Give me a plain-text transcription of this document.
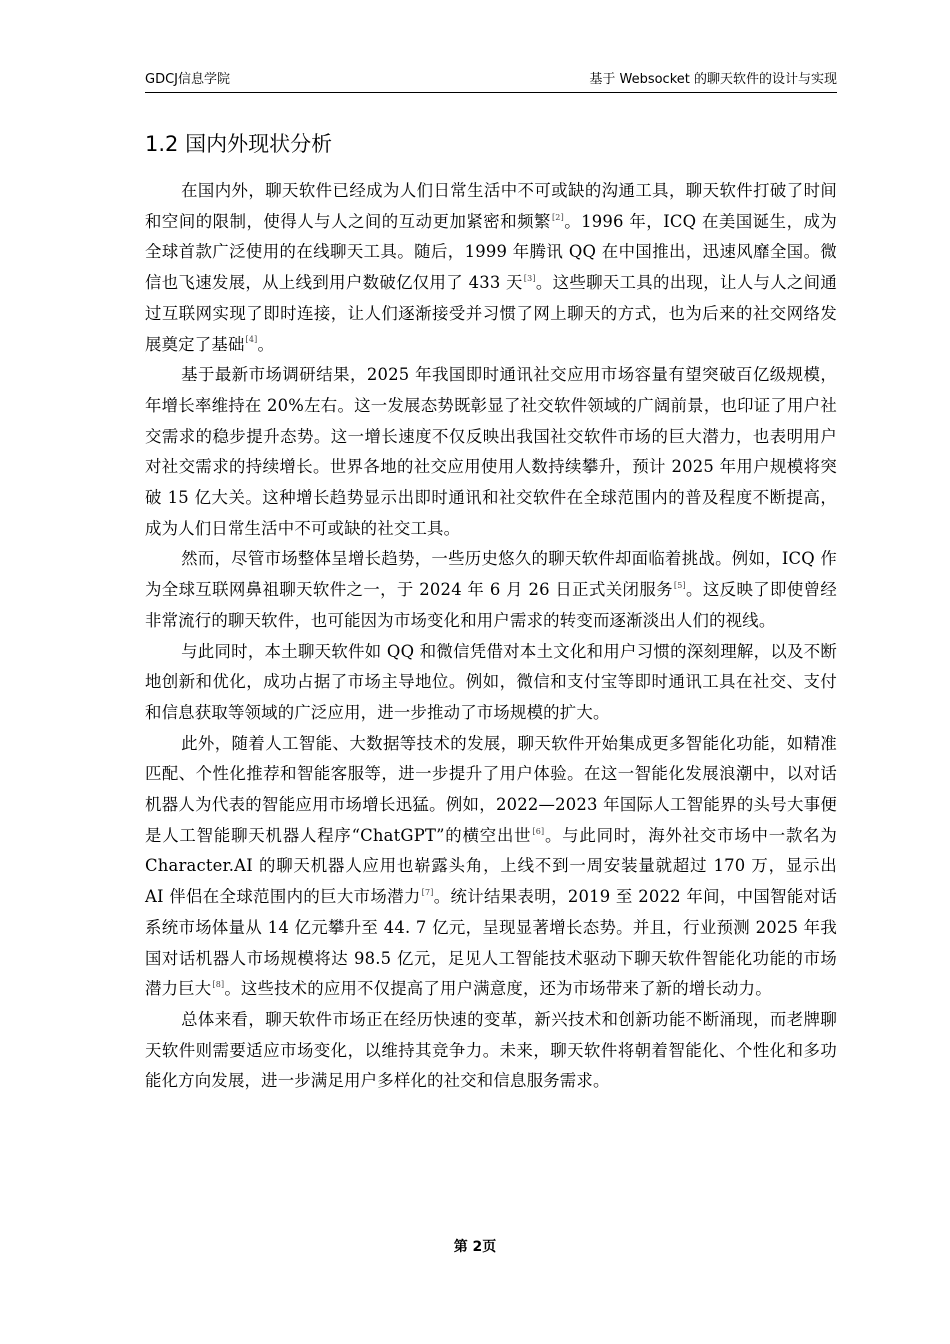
GDCJ信息学院	基于 Websocket 的聊天软件的设计与实现
1.2 国内外现状分析

在国内外，聊天软件已经成为人们日常生活中不可或缺的沟通工具，聊天软件打破了时间和空间的限制，使得人与人之间的互动更加紧密和频繁[2]。1996 年，ICQ 在美国诞生，成为全球首款广泛使用的在线聊天工具。随后，1999 年腾讯 QQ 在中国推出，迅速风靡全国。微信也飞速发展，从上线到用户数破亿仅用了 433 天[3]。这些聊天工具的出现，让人与人之间通过互联网实现了即时连接，让人们逐渐接受并习惯了网上聊天的方式，也为后来的社交网络发展奠定了基础[4]。

基于最新市场调研结果，2025 年我国即时通讯社交应用市场容量有望突破百亿级规模，年增长率维持在 20%左右。这一发展态势既彰显了社交软件领域的广阔前景，也印证了用户社交需求的稳步提升态势。这一增长速度不仅反映出我国社交软件市场的巨大潜力，也表明用户对社交需求的持续增长。世界各地的社交应用使用人数持续攀升，预计 2025 年用户规模将突破 15 亿大关。这种增长趋势显示出即时通讯和社交软件在全球范围内的普及程度不断提高，成为人们日常生活中不可或缺的社交工具。

然而，尽管市场整体呈增长趋势，一些历史悠久的聊天软件却面临着挑战。例如，ICQ 作为全球互联网鼻祖聊天软件之一，于 2024 年 6 月 26 日正式关闭服务[5]。这反映了即使曾经非常流行的聊天软件，也可能因为市场变化和用户需求的转变而逐渐淡出人们的视线。

与此同时，本土聊天软件如 QQ 和微信凭借对本土文化和用户习惯的深刻理解，以及不断地创新和优化，成功占据了市场主导地位。例如，微信和支付宝等即时通讯工具在社交、支付和信息获取等领域的广泛应用，进一步推动了市场规模的扩大。

此外，随着人工智能、大数据等技术的发展，聊天软件开始集成更多智能化功能，如精准匹配、个性化推荐和智能客服等，进一步提升了用户体验。在这一智能化发展浪潮中，以对话机器人为代表的智能应用市场增长迅猛。例如，2022—2023 年国际人工智能界的头号大事便是人工智能聊天机器人程序“ChatGPT”的横空出世[6]。与此同时，海外社交市场中一款名为 Character.AI 的聊天机器人应用也崭露头角，上线不到一周安装量就超过 170 万，显示出 AI 伴侣在全球范围内的巨大市场潜力[7]。统计结果表明，2019 至 2022 年间，中国智能对话系统市场体量从 14 亿元攀升至 44. 7 亿元，呈现显著增长态势。并且，行业预测 2025 年我国对话机器人市场规模将达 98.5 亿元，足见人工智能技术驱动下聊天软件智能化功能的市场潜力巨大[8]。这些技术的应用不仅提高了用户满意度，还为市场带来了新的增长动力。

总体来看，聊天软件市场正在经历快速的变革，新兴技术和创新功能不断涌现，而老牌聊天软件则需要适应市场变化，以维持其竞争力。未来，聊天软件将朝着智能化、个性化和多功能化方向发展，进一步满足用户多样化的社交和信息服务需求。

第 2页
